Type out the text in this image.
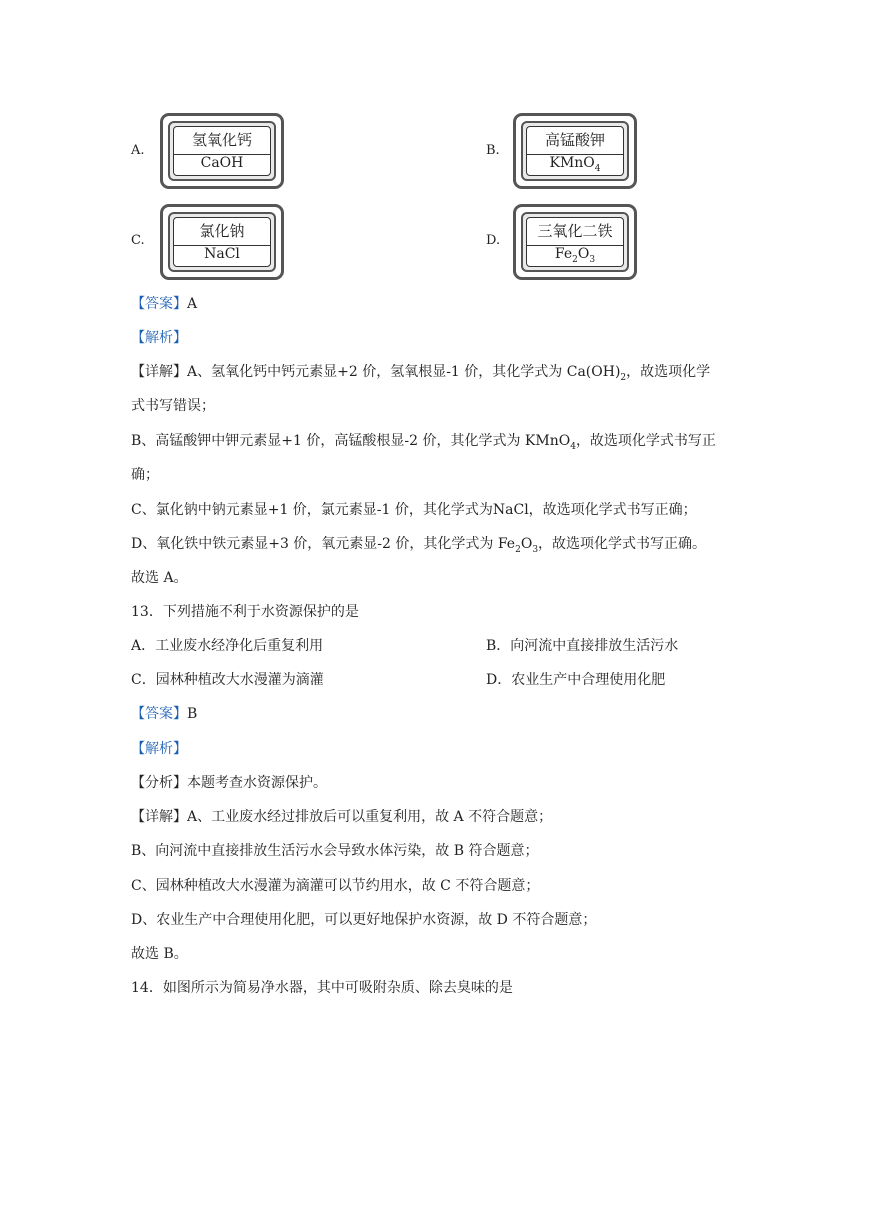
A.
氢氧化钙
CaOH
B.
高锰酸钾
KMnO$_4$
C.
氯化钠
NaCl
D.
三氧化二铁
$Fe_2O_3$
【答案】A
【解析】
【详解】A、氢氧化钙中钙元素显+2 价，氢氧根显-1 价，其化学式为 $Ca(OH)_2$，故选项化学
式书写错误；
B、高锰酸钾中钾元素显+1 价，高锰酸根显-2 价，其化学式为 KMnO$_4$，故选项化学式书写正
确；
C、氯化钠中钠元素显+1 价，氯元素显-1 价，其化学式为NaCl，故选项化学式书写正确；
D、氧化铁中铁元素显+3 价，氧元素显-2 价，其化学式为 $Fe_2O_3$，故选项化学式书写正确。
故选 A。
13．下列措施不利于水资源保护的是
A．工业废水经净化后重复利用	B．向河流中直接排放生活污水
C．园林种植改大水漫灌为滴灌	D．农业生产中合理使用化肥
【答案】B
【解析】
【分析】本题考查水资源保护。
【详解】A、工业废水经过排放后可以重复利用，故 A 不符合题意；
B、向河流中直接排放生活污水会导致水体污染，故 B 符合题意；
C、园林种植改大水漫灌为滴灌可以节约用水，故 C 不符合题意；
D、农业生产中合理使用化肥，可以更好地保护水资源，故 D 不符合题意；
故选 B。
14．如图所示为简易净水器，其中可吸附杂质、除去臭味的是
